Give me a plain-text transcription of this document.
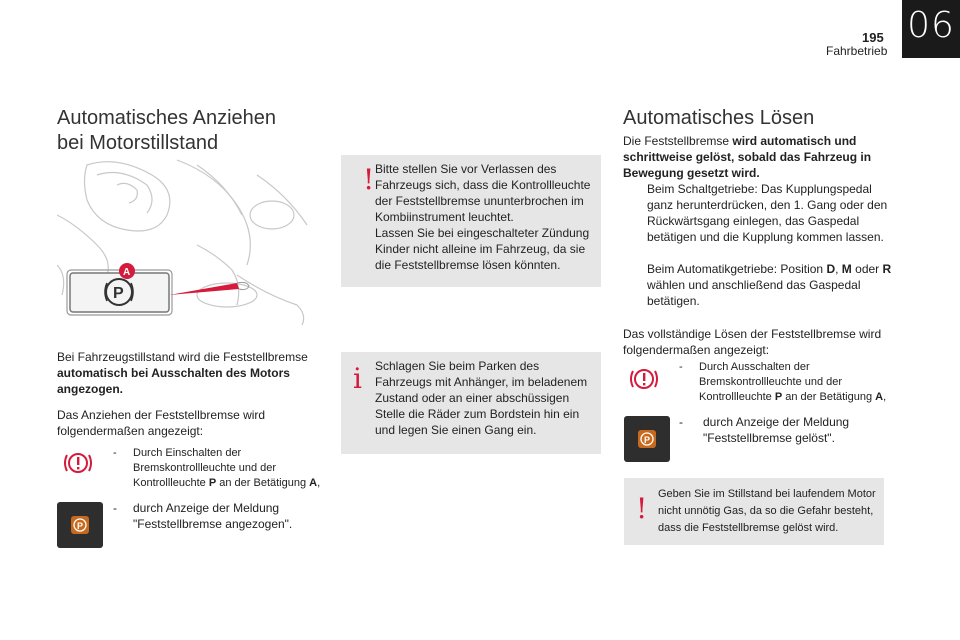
195
Fahrbetrieb
06
Automatisches Anziehen
bei Motorstillstand
P
A

Bei Fahrzeugstillstand wird die Feststellbremse automatisch bei Ausschalten des Motors angezogen.

Das Anziehen der Feststellbremse wird folgendermaßen angezeigt:

- Durch Einschalten der Bremskontrollleuchte und der Kontrollleuchte P an der Betätigung A,
P
- durch Anzeige der Meldung "Feststellbremse angezogen".
! Bitte stellen Sie vor Verlassen des Fahrzeugs sich, dass die Kontrollleuchte der Feststellbremse ununterbrochen im Kombiinstrument leuchtet.
Lassen Sie bei eingeschalteter Zündung Kinder nicht alleine im Fahrzeug, da sie die Feststellbremse lösen könnten.
i Schlagen Sie beim Parken des Fahrzeugs mit Anhänger, im beladenem Zustand oder an einer abschüssigen Stelle die Räder zum Bordstein hin ein und legen Sie einen Gang ein.
Automatisches Lösen

Die Feststellbremse wird automatisch und schrittweise gelöst, sobald das Fahrzeug in Bewegung gesetzt wird.

Beim Schaltgetriebe: Das Kupplungspedal ganz herunterdrücken, den 1. Gang oder den Rückwärtsgang einlegen, das Gaspedal betätigen und die Kupplung kommen lassen.
Beim Automatikgetriebe: Position D, M oder R wählen und anschließend das Gaspedal betätigen.

Das vollständige Lösen der Feststellbremse wird folgendermaßen angezeigt:

- Durch Ausschalten der Bremskontrollleuchte und der Kontrollleuchte P an der Betätigung A,
P
- durch Anzeige der Meldung "Feststellbremse gelöst".
! Geben Sie im Stillstand bei laufendem Motor nicht unnötig Gas, da so die Gefahr besteht, dass die Feststellbremse gelöst wird.
